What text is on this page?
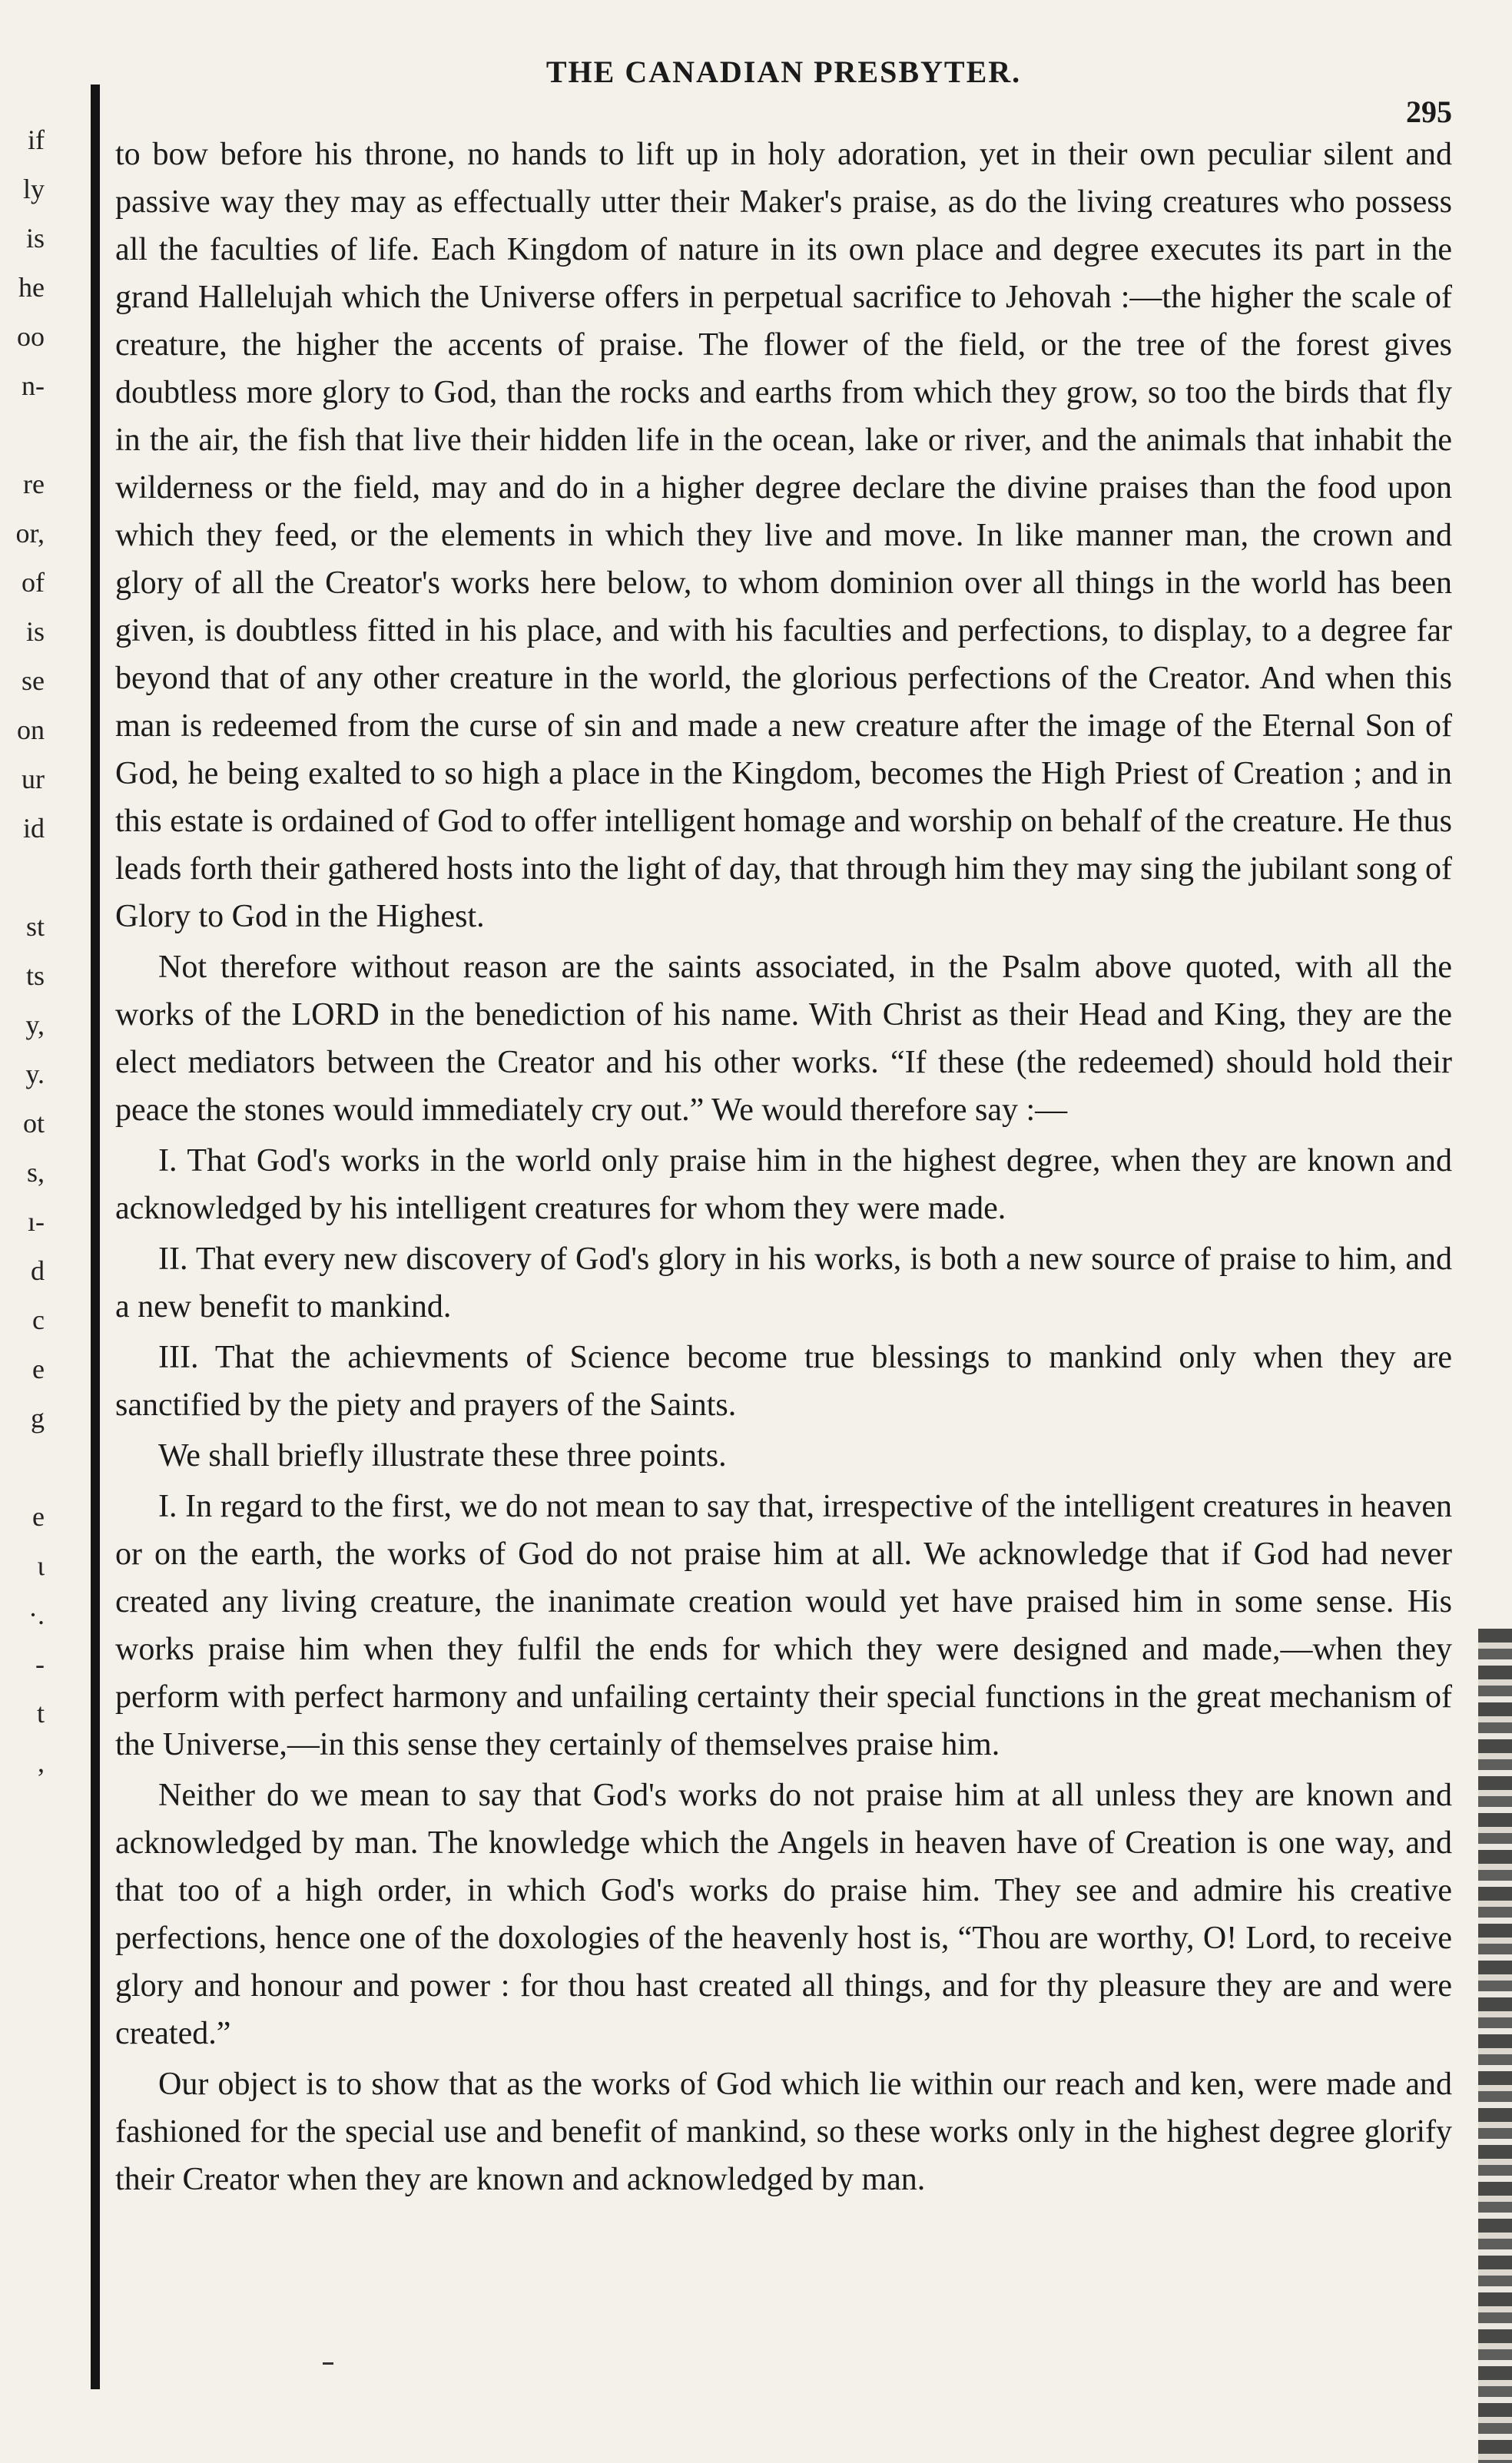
if
ly
is
he
oo
n-
re
or,
of
is
se
on
ur
id
st
ts
y,
y.
ot
s,
ı-
d
c
e
g
e
ι
·.
-
t
,
THE CANADIAN PRESBYTER.
295

to bow before his throne, no hands to lift up in holy adoration, yet in their own peculiar silent and passive way they may as effectually utter their Maker's praise, as do the living creatures who possess all the faculties of life. Each Kingdom of nature in its own place and degree executes its part in the grand Hallelujah which the Universe offers in perpetual sacrifice to Jehovah :—the higher the scale of creature, the higher the accents of praise. The flower of the field, or the tree of the forest gives doubtless more glory to God, than the rocks and earths from which they grow, so too the birds that fly in the air, the fish that live their hidden life in the ocean, lake or river, and the animals that inhabit the wilderness or the field, may and do in a higher degree declare the divine praises than the food upon which they feed, or the elements in which they live and move. In like manner man, the crown and glory of all the Creator's works here below, to whom dominion over all things in the world has been given, is doubtless fitted in his place, and with his faculties and perfections, to display, to a degree far beyond that of any other creature in the world, the glorious perfections of the Creator. And when this man is redeemed from the curse of sin and made a new creature after the image of the Eternal Son of God, he being exalted to so high a place in the Kingdom, becomes the High Priest of Creation ; and in this estate is ordained of God to offer intelligent homage and worship on behalf of the creature. He thus leads forth their gathered hosts into the light of day, that through him they may sing the jubilant song of Glory to God in the Highest.

Not therefore without reason are the saints associated, in the Psalm above quoted, with all the works of the LORD in the benediction of his name. With Christ as their Head and King, they are the elect mediators between the Creator and his other works. “If these (the redeemed) should hold their peace the stones would immediately cry out.” We would therefore say :—

I. That God's works in the world only praise him in the highest degree, when they are known and acknowledged by his intelligent creatures for whom they were made.

II. That every new discovery of God's glory in his works, is both a new source of praise to him, and a new benefit to mankind.

III. That the achievments of Science become true blessings to mankind only when they are sanctified by the piety and prayers of the Saints.

We shall briefly illustrate these three points.

I. In regard to the first, we do not mean to say that, irrespective of the intelligent creatures in heaven or on the earth, the works of God do not praise him at all. We acknowledge that if God had never created any living creature, the inanimate creation would yet have praised him in some sense. His works praise him when they fulfil the ends for which they were designed and made,—when they perform with perfect harmony and unfailing certainty their special functions in the great mechanism of the Universe,—in this sense they certainly of themselves praise him.

Neither do we mean to say that God's works do not praise him at all unless they are known and acknowledged by man. The knowledge which the Angels in heaven have of Creation is one way, and that too of a high order, in which God's works do praise him. They see and admire his creative perfections, hence one of the doxologies of the heavenly host is, “Thou are worthy, O! Lord, to receive glory and honour and power : for thou hast created all things, and for thy pleasure they are and were created.”

Our object is to show that as the works of God which lie within our reach and ken, were made and fashioned for the special use and benefit of mankind, so these works only in the highest degree glorify their Creator when they are known and acknowledged by man.
